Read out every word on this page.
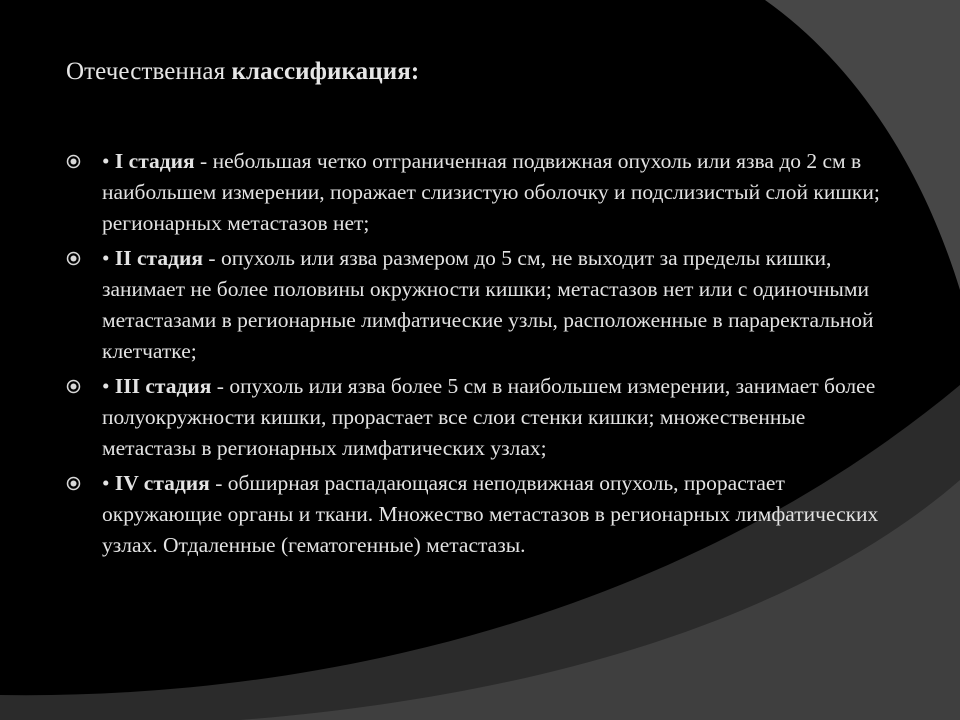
Отечественная классификация:
• I стадия - небольшая четко отграниченная подвижная опухоль или язва до 2 см в наибольшем измерении, поражает слизистую оболочку и подслизистый слой кишки; регионарных метастазов нет;
• II стадия - опухоль или язва размером до 5 см, не выходит за пределы кишки, занимает не более половины окружности кишки; метастазов нет или с одиночными метастазами в регионарные лимфатические узлы, расположенные в параректальной клетчатке;
• III стадия - опухоль или язва более 5 см в наибольшем измерении, занимает более полуокружности кишки, прорастает все слои стенки кишки; множественные метастазы в регионарных лимфатических узлах;
• IV стадия - обширная распадающаяся неподвижная опухоль, прорастает окружающие органы и ткани. Множество метастазов в регионарных лимфатических узлах. Отдаленные (гематогенные) метастазы.
